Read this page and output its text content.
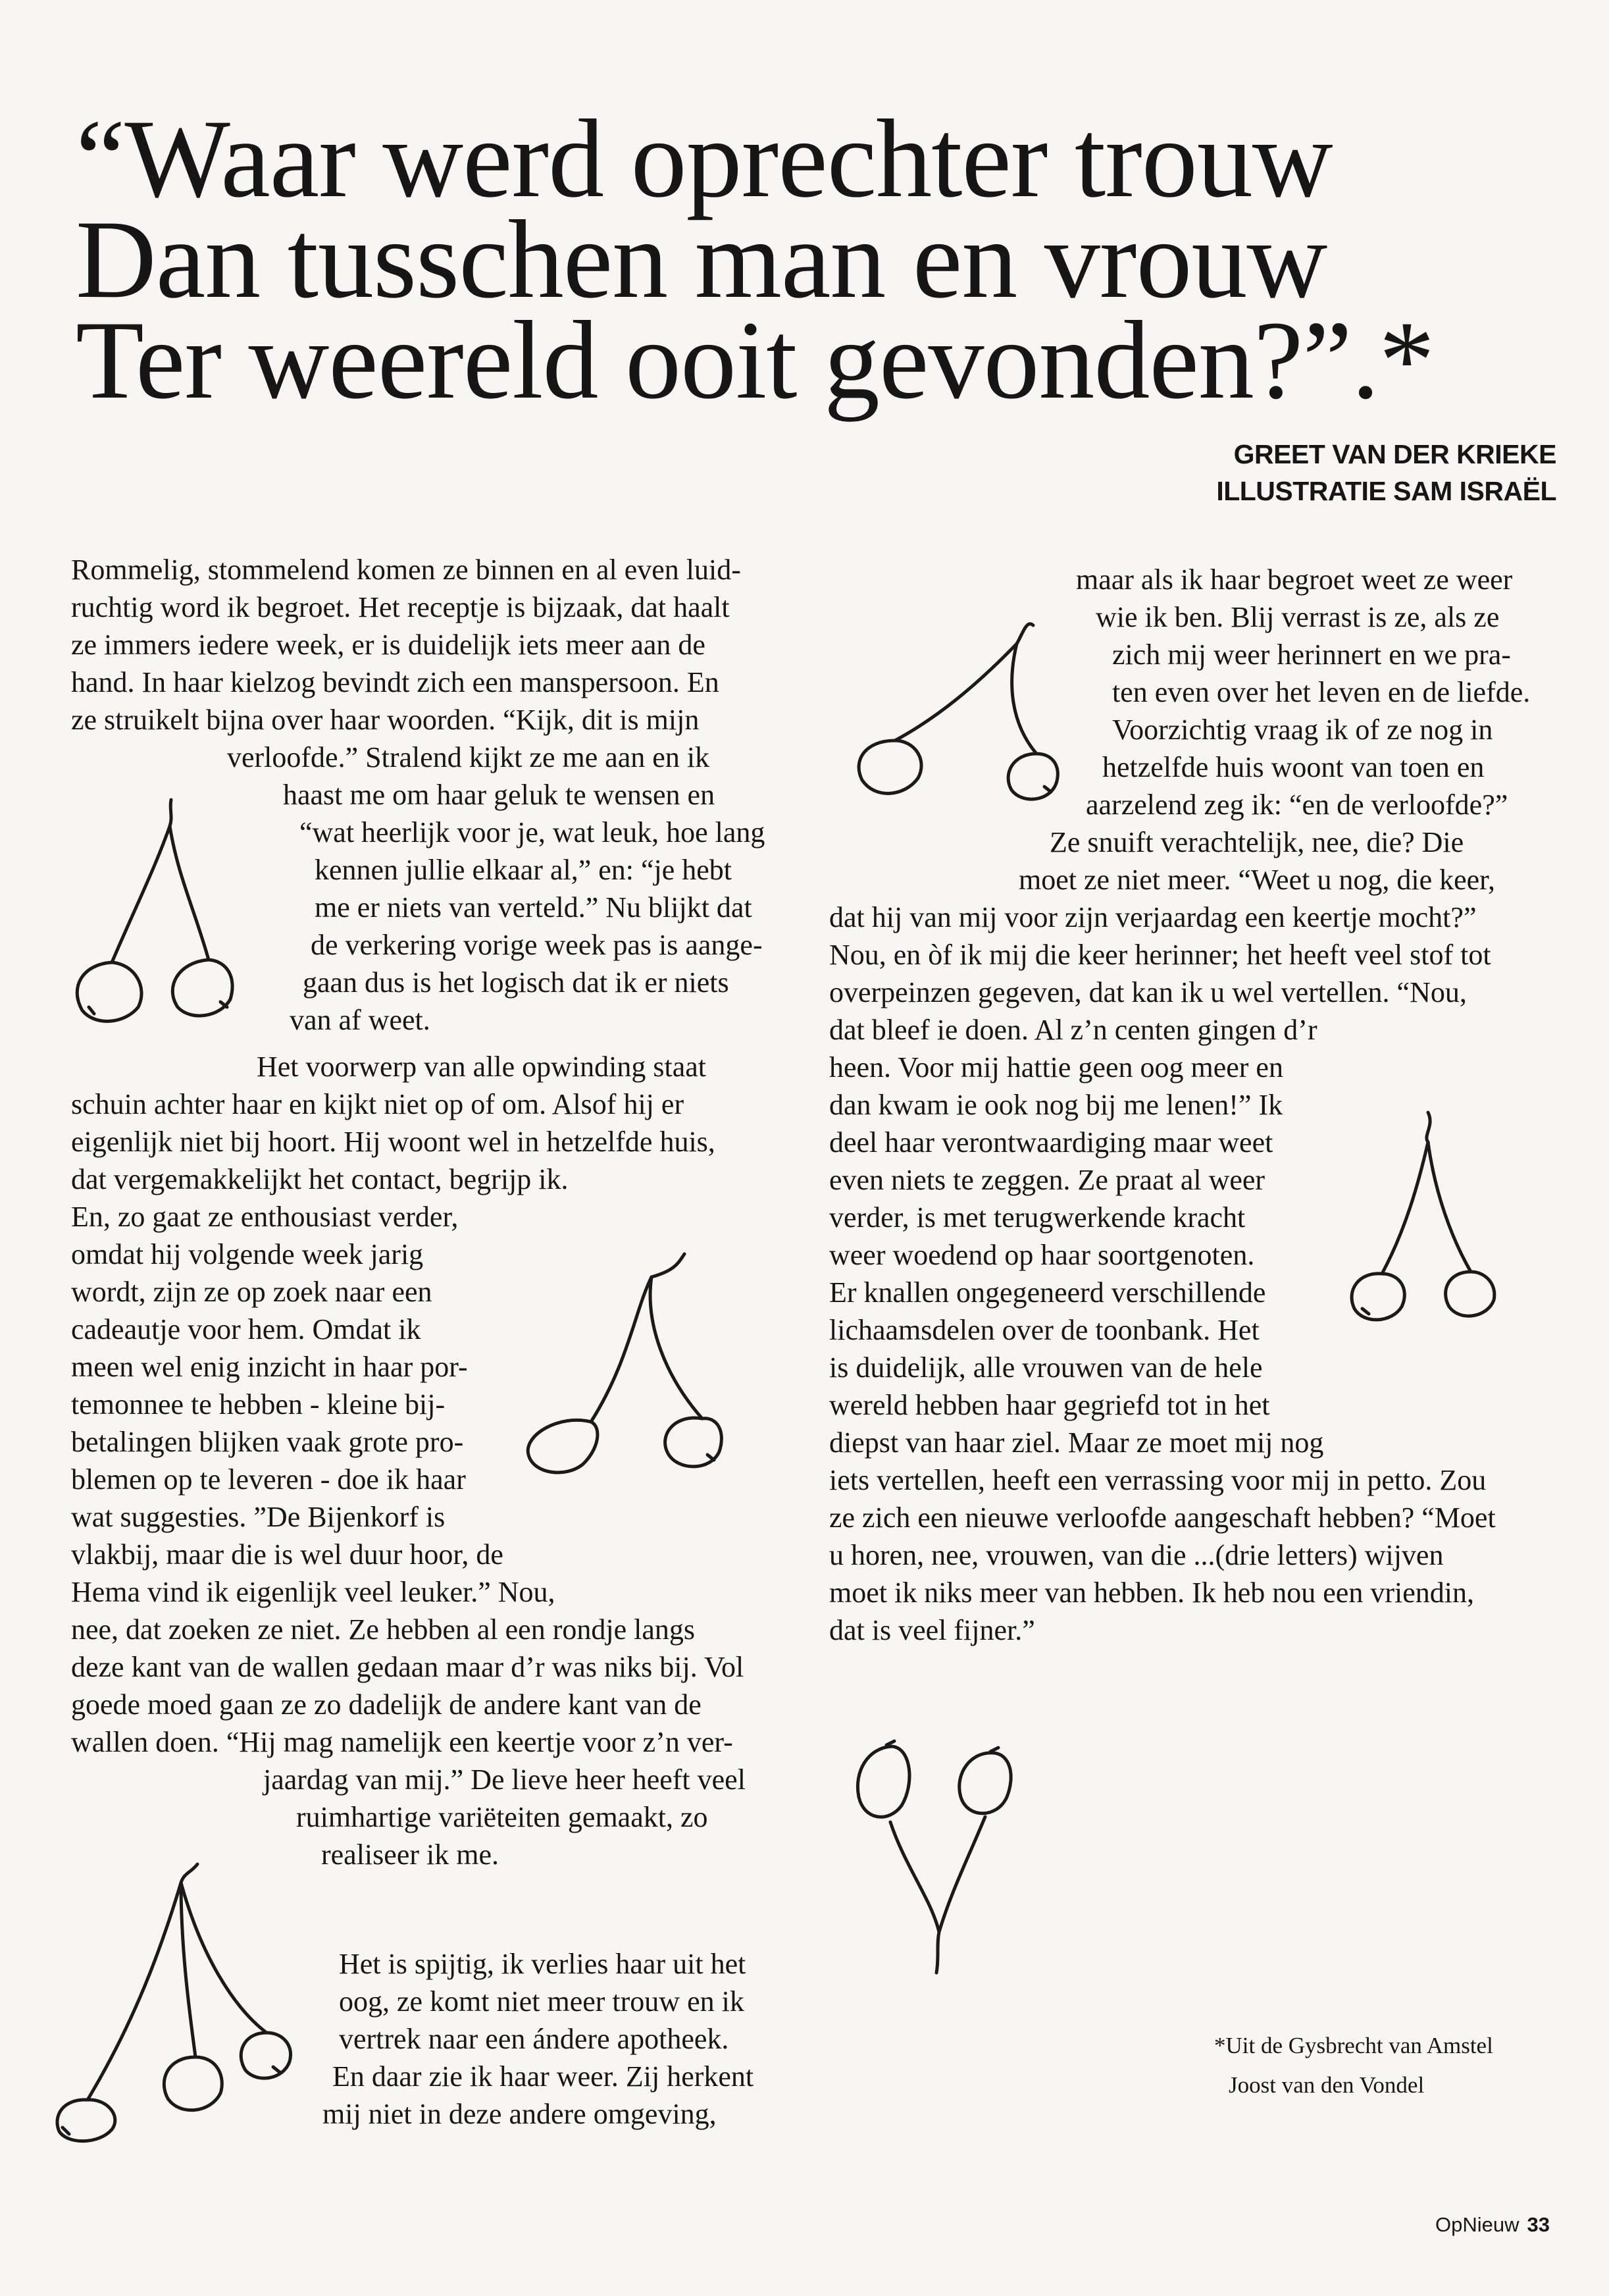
“Waar werd oprechter trouw
Dan tusschen man en vrouw
Ter weereld ooit gevonden?”.*
GREET VAN DER KRIEKE
ILLUSTRATIE SAM ISRAËL
Rommelig, stommelend komen ze binnen en al even luid-
ruchtig word ik begroet. Het receptje is bijzaak, dat haalt
ze immers iedere week, er is duidelijk iets meer aan de
hand. In haar kielzog bevindt zich een manspersoon. En
ze struikelt bijna over haar woorden. “Kijk, dit is mijn
verloofde.” Stralend kijkt ze me aan en ik
haast me om haar geluk te wensen en
“wat heerlijk voor je, wat leuk, hoe lang
kennen jullie elkaar al,” en: “je hebt
me er niets van verteld.” Nu blijkt dat
de verkering vorige week pas is aange-
gaan dus is het logisch dat ik er niets
van af weet.
Het voorwerp van alle opwinding staat
schuin achter haar en kijkt niet op of om. Alsof hij er
eigenlijk niet bij hoort. Hij woont wel in hetzelfde huis,
dat vergemakkelijkt het contact, begrijp ik.
En, zo gaat ze enthousiast verder,
omdat hij volgende week jarig
wordt, zijn ze op zoek naar een
cadeautje voor hem. Omdat ik
meen wel enig inzicht in haar por-
temonnee te hebben - kleine bij-
betalingen blijken vaak grote pro-
blemen op te leveren - doe ik haar
wat suggesties. ”De Bijenkorf is
vlakbij, maar die is wel duur hoor, de
Hema vind ik eigenlijk veel leuker.” Nou,
nee, dat zoeken ze niet. Ze hebben al een rondje langs
deze kant van de wallen gedaan maar d’r was niks bij. Vol
goede moed gaan ze zo dadelijk de andere kant van de
wallen doen. “Hij mag namelijk een keertje voor z’n ver-
jaardag van mij.” De lieve heer heeft veel
ruimhartige variëteiten gemaakt, zo
realiseer ik me.
Het is spijtig, ik verlies haar uit het
oog, ze komt niet meer trouw en ik
vertrek naar een ándere apotheek.
En daar zie ik haar weer. Zij herkent
mij niet in deze andere omgeving,
maar als ik haar begroet weet ze weer
wie ik ben. Blij verrast is ze, als ze
zich mij weer herinnert en we pra-
ten even over het leven en de liefde.
Voorzichtig vraag ik of ze nog in
hetzelfde huis woont van toen en
aarzelend zeg ik: “en de verloofde?”
Ze snuift verachtelijk, nee, die? Die
moet ze niet meer. “Weet u nog, die keer,
dat hij van mij voor zijn verjaardag een keertje mocht?”
Nou, en òf ik mij die keer herinner; het heeft veel stof tot
overpeinzen gegeven, dat kan ik u wel vertellen. “Nou,
dat bleef ie doen. Al z’n centen gingen d’r
heen. Voor mij hattie geen oog meer en
dan kwam ie ook nog bij me lenen!” Ik
deel haar verontwaardiging maar weet
even niets te zeggen. Ze praat al weer
verder, is met terugwerkende kracht
weer woedend op haar soortgenoten.
Er knallen ongegeneerd verschillende
lichaamsdelen over de toonbank. Het
is duidelijk, alle vrouwen van de hele
wereld hebben haar gegriefd tot in het
diepst van haar ziel. Maar ze moet mij nog
iets vertellen, heeft een verrassing voor mij in petto. Zou
ze zich een nieuwe verloofde aangeschaft hebben? “Moet
u horen, nee, vrouwen, van die ...(drie letters) wijven
moet ik niks meer van hebben. Ik heb nou een vriendin,
dat is veel fijner.”
*Uit de Gysbrecht van Amstel
Joost van den Vondel
OpNieuw 33
